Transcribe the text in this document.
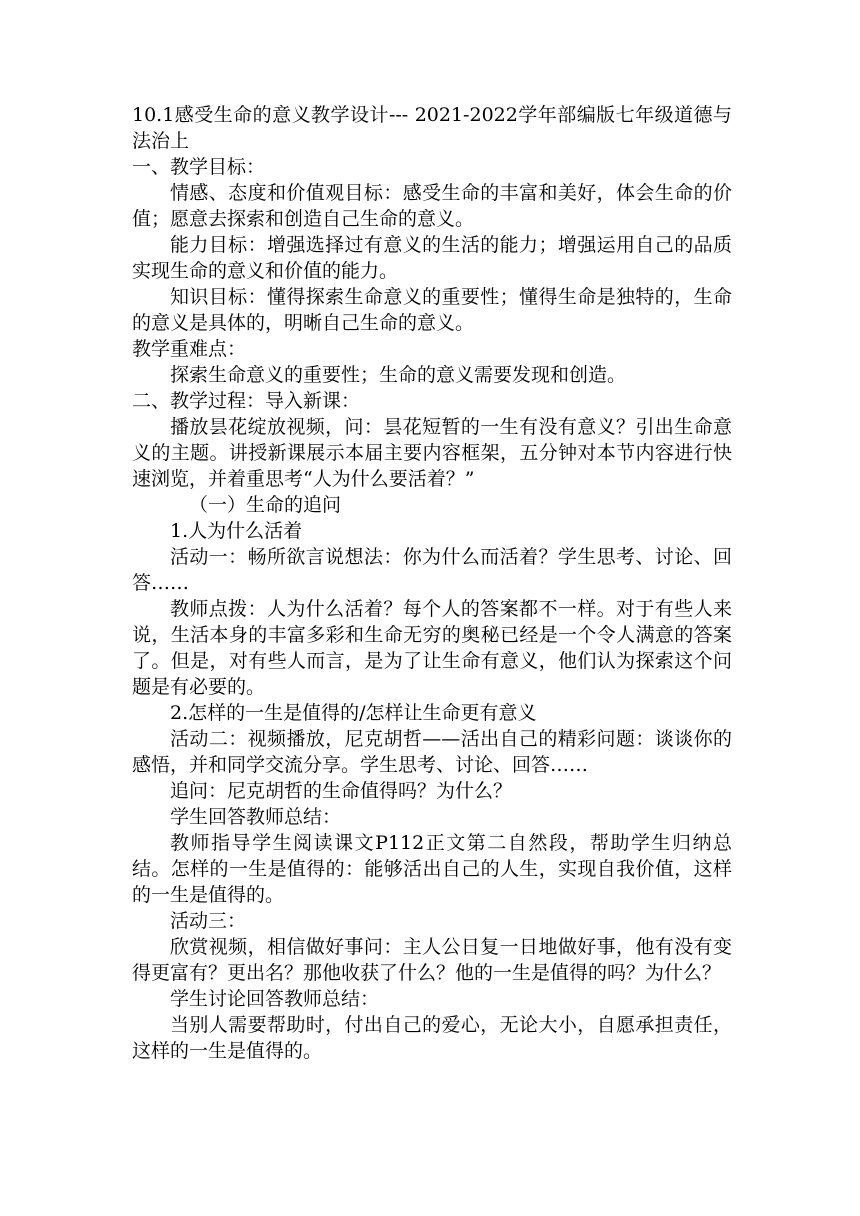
10.1感受生命的意义教学设计--- 2021-2022学年部编版七年级道德与法治上

一、教学目标：

情感、态度和价值观目标：感受生命的丰富和美好，体会生命的价值；愿意去探索和创造自己生命的意义。

能力目标：增强选择过有意义的生活的能力；增强运用自己的品质实现生命的意义和价值的能力。

知识目标：懂得探索生命意义的重要性；懂得生命是独特的，生命的意义是具体的，明晰自己生命的意义。

教学重难点：

探索生命意义的重要性；生命的意义需要发现和创造。

二、教学过程：导入新课：

播放昙花绽放视频，问：昙花短暂的一生有没有意义？引出生命意义的主题。讲授新课展示本届主要内容框架，五分钟对本节内容进行快速浏览，并着重思考“人为什么要活着？”

（一）生命的追问

1.人为什么活着

活动一：畅所欲言说想法：你为什么而活着？学生思考、讨论、回答……

教师点拨：人为什么活着？每个人的答案都不一样。对于有些人来说，生活本身的丰富多彩和生命无穷的奥秘已经是一个令人满意的答案了。但是，对有些人而言，是为了让生命有意义，他们认为探索这个问题是有必要的。

2.怎样的一生是值得的/怎样让生命更有意义

活动二：视频播放，尼克胡哲——活出自己的精彩问题：谈谈你的感悟，并和同学交流分享。学生思考、讨论、回答……

追问：尼克胡哲的生命值得吗？为什么？

学生回答教师总结：

教师指导学生阅读课文P112正文第二自然段，帮助学生归纳总结。怎样的一生是值得的：能够活出自己的人生，实现自我价值，这样的一生是值得的。

活动三：

欣赏视频，相信做好事问：主人公日复一日地做好事，他有没有变得更富有？更出名？那他收获了什么？他的一生是值得的吗？为什么？

学生讨论回答教师总结：

当别人需要帮助时，付出自己的爱心，无论大小，自愿承担责任，这样的一生是值得的。
